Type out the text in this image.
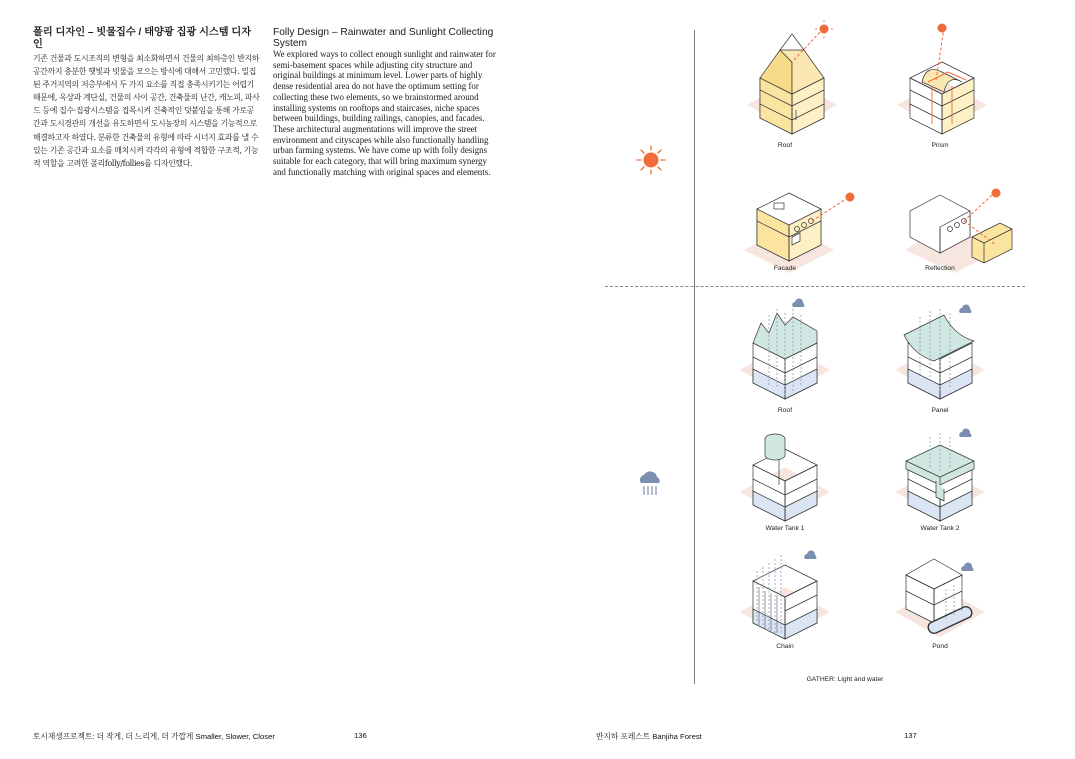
폴리 디자인 – 빗물집수 / 태양광 집광 시스템 디자인

기존 건물과 도시조직의 변형을 최소화하면서 건물의 최하층인 반지하 공간까지 충분한 햇빛과 빗물을 모으는 방식에 대해서 고민했다. 밀집된 주거지역의 저층부에서 두 가지 요소를 직접 충족시키기는 어렵기 때문에, 옥상과 계단실, 건물의 사이 공간, 건축물의 난간, 캐노피, 파사드 등에 집수·집광시스템을 접목시켜 건축적인 덧붙임을 통해 가로공간과 도시경관의 개선을 유도하면서 도시농장의 시스템을 기능적으로 해결하고자 하였다. 분류한 건축물의 유형에 따라 시너지 효과를 낼 수 있는 기존 공간과 요소를 매치시켜 각각의 유형에 적합한 구조적, 기능적 역할을 고려한 폴리folly/follies를 디자인했다.

Folly Design – Rainwater and Sunlight Collecting System

We explored ways to collect enough sunlight and rainwater for semi-basement spaces while adjusting city structure and original buildings at minimum level. Lower parts of highly dense residential area do not have the optimum setting for collecting these two elements, so we brainstormed around installing systems on rooftops and staircases, niche spaces between buildings, building railings, canopies, and facades. These architectural augmentations will improve the street environment and cityscapes while also functionally handling urban farming systems. We have come up with folly designs suitable for each category, that will bring maximum synergy and functionally matching with original spaces and elements.

Roof	Prism
Facade	Reflection
Roof	Panel
Water Tank 1	Water Tank 2
Chain	Pond
GATHER: Light and water
토시재생프로젝트: 더 작게, 더 느리게, 더 가깝게 Smaller, Slower, Closer	136	반지하 포레스트 Banjiha Forest	137
